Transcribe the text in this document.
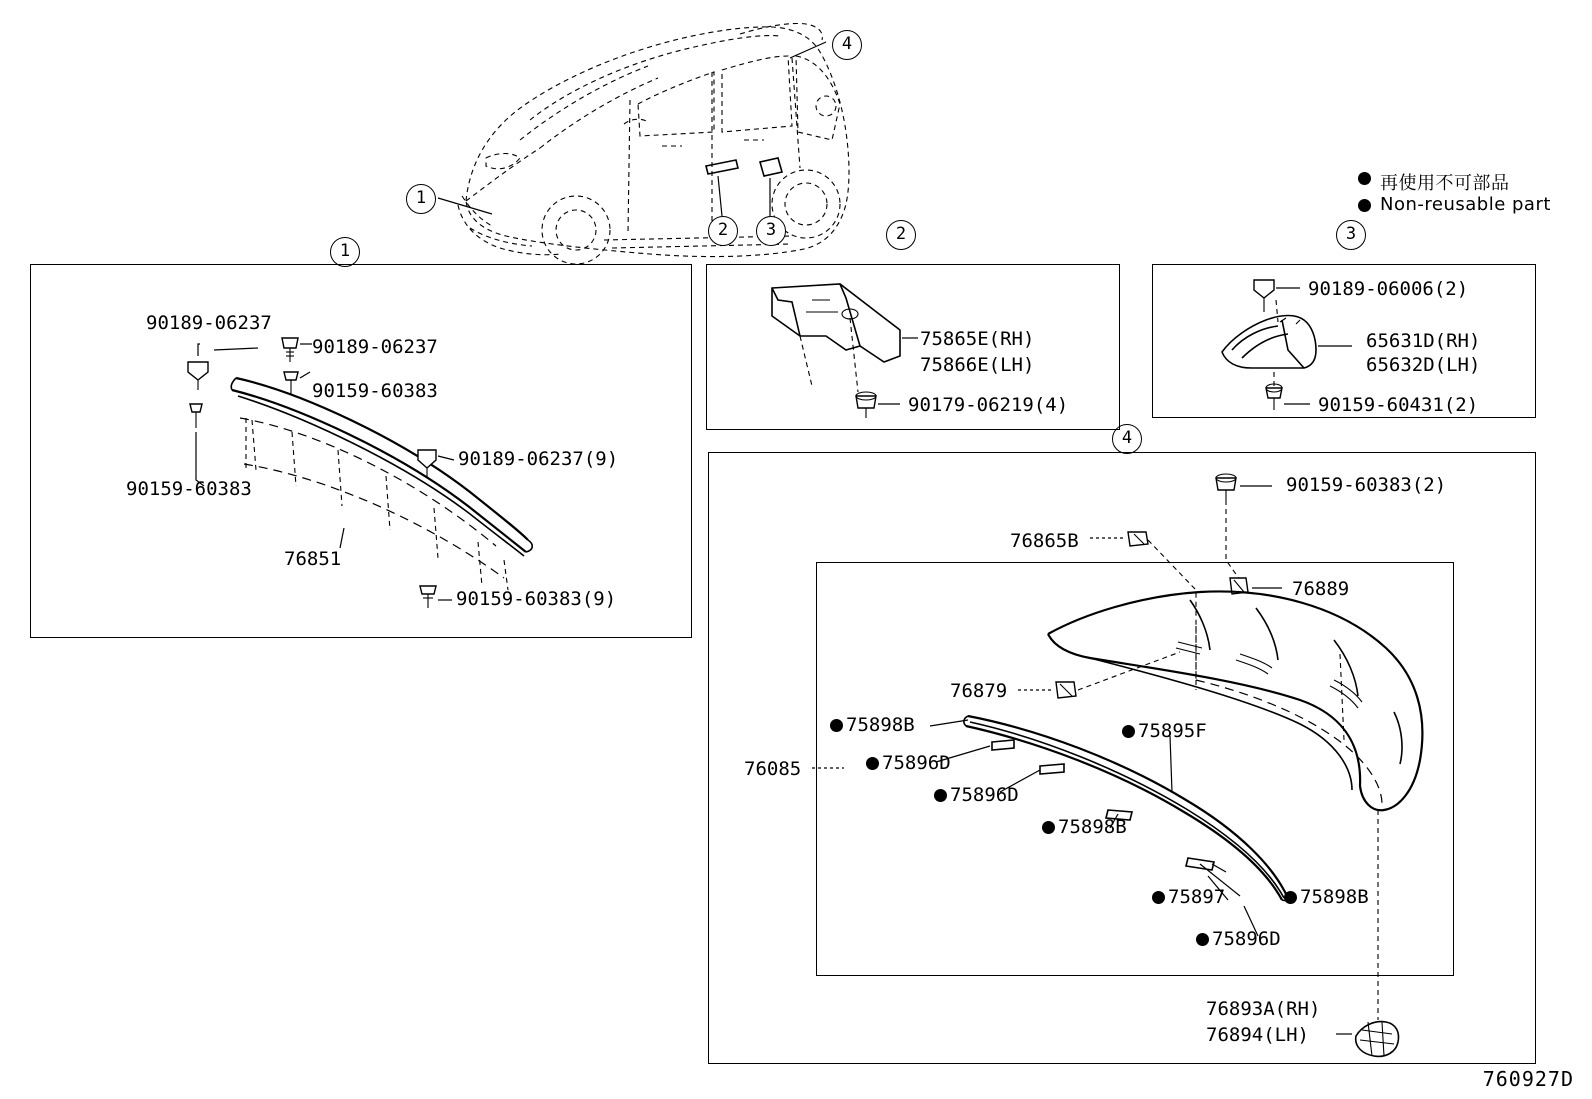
再使用不可部品
Non-reusable part
1
2	3
4
1
2	3
4
90189-06237
90189-06237
90159-60383
90189-06237(9)
90159-60383
76851
90159-60383(9)
75865E(RH)
75866E(LH)
90179-06219(4)
90189-06006(2)
65631D(RH)
65632D(LH)
90159-60431(2)
90159-60383(2)
76865B
76889
76879
76085
75898B
75896D
75896D
75898B
75895F
75897	75898B
75896D
76893A(RH)
76894(LH)
760927D
